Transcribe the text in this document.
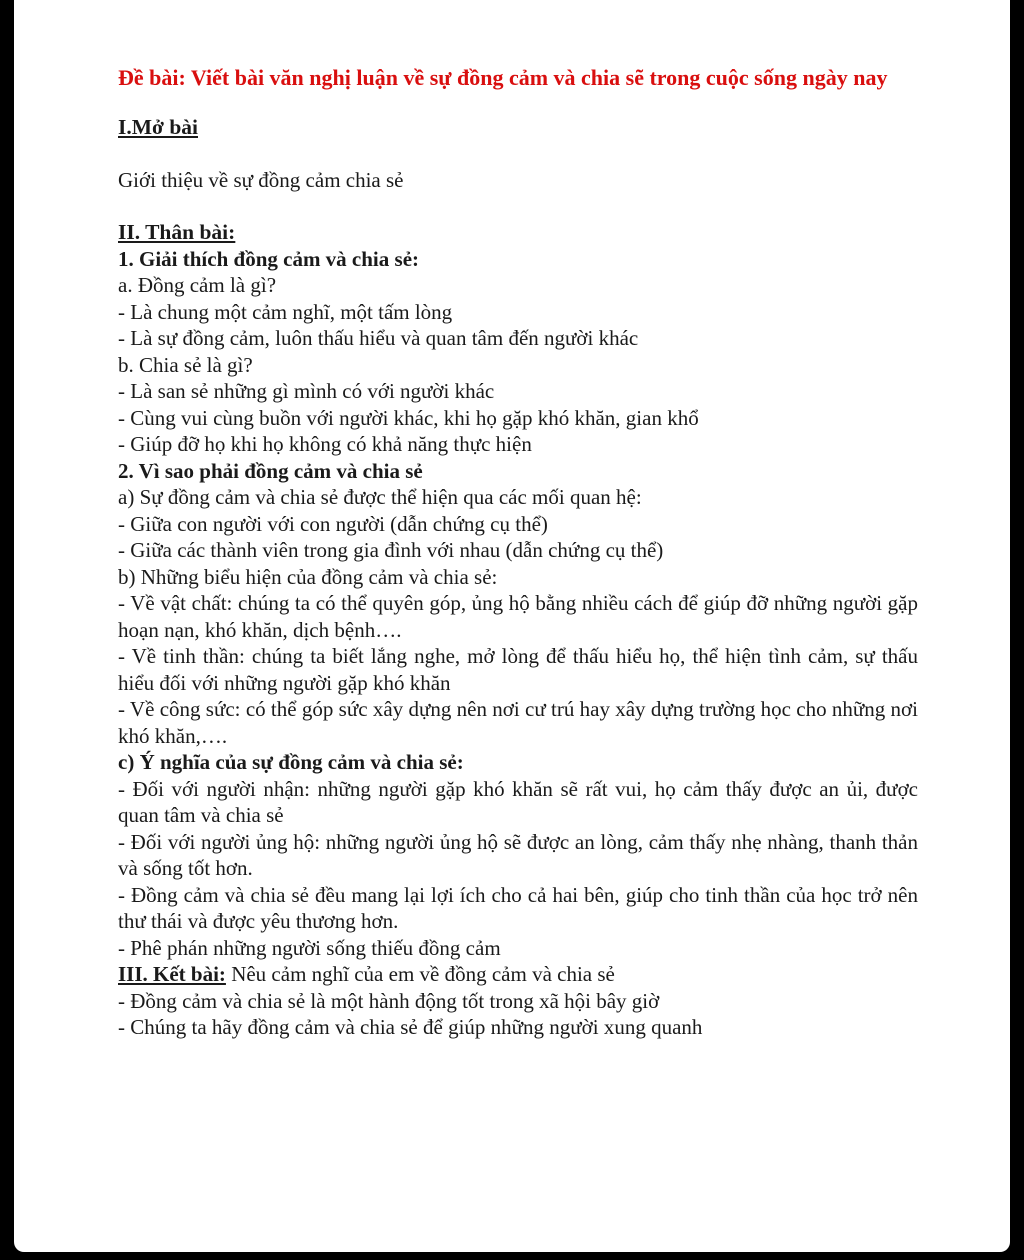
Đề bài: Viết bài văn nghị luận về sự đồng cảm và chia sẽ trong cuộc sống ngày nay

I.Mở bài

Giới thiệu về sự đồng cảm chia sẻ

II. Thân bài:

1. Giải thích đồng cảm và chia sẻ:

a. Đồng cảm là gì?

- Là chung một cảm nghĩ, một tấm lòng

- Là sự đồng cảm, luôn thấu hiểu và quan tâm đến người khác

b. Chia sẻ là gì?

- Là san sẻ những gì mình có với người khác

- Cùng vui cùng buồn với người khác, khi họ gặp khó khăn, gian khổ

- Giúp đỡ họ khi họ không có khả năng thực hiện

2. Vì sao phải đồng cảm và chia sẻ

a) Sự đồng cảm và chia sẻ được thể hiện qua các mối quan hệ:

- Giữa con người với con người (dẫn chứng cụ thể)

- Giữa các thành viên trong gia đình với nhau (dẫn chứng cụ thể)

b) Những biểu hiện của đồng cảm và chia sẻ:

- Về vật chất: chúng ta có thể quyên góp, ủng hộ bằng nhiều cách để giúp đỡ những người gặp hoạn nạn, khó khăn, dịch bệnh….

- Về tinh thần: chúng ta biết lắng nghe, mở lòng để thấu hiểu họ, thể hiện tình cảm, sự thấu hiểu đối với những người gặp khó khăn

- Về công sức: có thể góp sức xây dựng nên nơi cư trú hay xây dựng trường học cho những nơi khó khăn,….

c) Ý nghĩa của sự đồng cảm và chia sẻ:

- Đối với người nhận: những người gặp khó khăn sẽ rất vui, họ cảm thấy được an ủi, được quan tâm và chia sẻ

- Đối với người ủng hộ: những người ủng hộ sẽ được an lòng, cảm thấy nhẹ nhàng, thanh thản và sống tốt hơn.

- Đồng cảm và chia sẻ đều mang lại lợi ích cho cả hai bên, giúp cho tinh thần của học trở nên thư thái và được yêu thương hơn.

- Phê phán những người sống thiếu đồng cảm

III. Kết bài: Nêu cảm nghĩ của em về đồng cảm và chia sẻ

- Đồng cảm và chia sẻ là một hành động tốt trong xã hội bây giờ

- Chúng ta hãy đồng cảm và chia sẻ để giúp những người xung quanh
